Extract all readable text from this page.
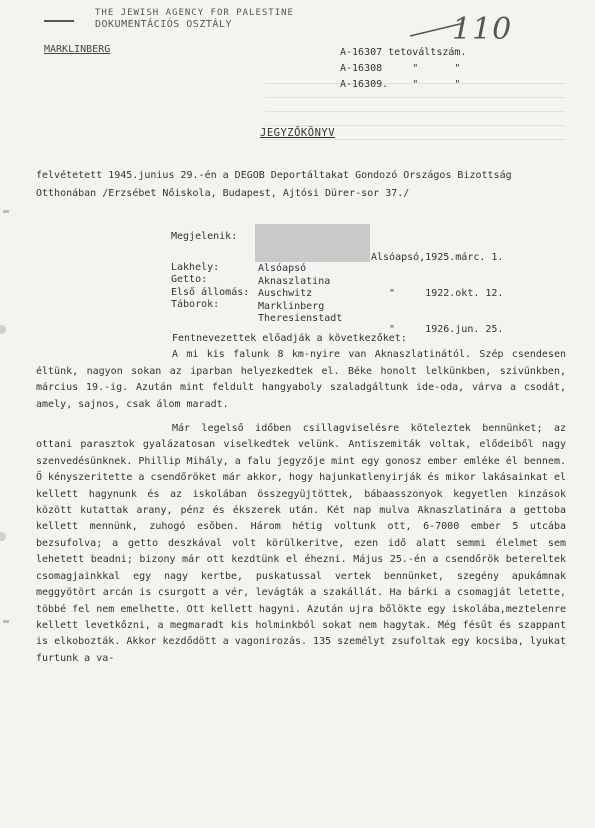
THE JEWISH AGENCY FOR PALESTINE
DOKUMENTÁCIÓS OSZTÁLY	110
MARKLINBERG	A-16307 tetováltszám.
A-16308     "      "
A-16309.    "      "
JEGYZŐKÖNYV

felvétetett 1945.junius 29.-én a DEGOB Deportáltakat Gondozó Országos Bizottság Otthonában /Erzsébet Nőiskola, Budapest, Ajtósi Dürer-sor 37./

Megjelenik:
Lakhely:
Getto:
Első állomás:
Táborok:

Alsóapsó,1925.márc. 1.

"     1922.okt. 12.

"     1926.jun. 25.

Alsóapsó
Aknaszlatina
Auschwitz
Marklinberg
Theresienstadt

Fentnevezettek előadják a következőket:

A mi kis falunk 8 km-nyire van Aknaszlatinától. Szép csendesen éltünk, nagyon sokan az iparban helyezkedtek el. Béke honolt lelkünkben, szivünkben, március 19.-ig. Azután mint feldult hangyaboly szaladgáltunk ide-oda, várva a csodát, amely, sajnos, csak álom maradt.

Már legelső időben csillagviselésre köteleztek bennünket; az ottani parasztok gyalázatosan viselkedtek velünk. Antiszemiták voltak, elődeiből nagy szenvedésünknek. Phillip Mihály, a falu jegyzője mint egy gonosz ember emléke él bennem. Ő kényszeritette a csendőröket már akkor, hogy hajunkatlenyirják és mikor lakásainkat el kellett hagynunk és az iskolában összegyüjtöttek, bábaasszonyok kegyetlen kinzások között kutattak arany, pénz és ékszerek után. Két nap mulva Aknaszlatinára a gettoba kellett mennünk, zuhogó esőben. Három hétig voltunk ott, 6-7000 ember 5 utcába bezsufolva; a getto deszkával volt körülkeritve, ezen idő alatt semmi élelmet sem lehetett beadni; bizony már ott kezdtünk el éhezni. Május 25.-én a csendőrök betereltek csomagjainkkal egy nagy kertbe, puskatussal vertek bennünket, szegény apukámnak meggyötört arcán is csurgott a vér, levágták a szakállát. Ha bárki a csomagját letette, többé fel nem emelhette. Ott kellett hagyni. Azután ujra bőlökte egy iskolába,meztelenre kellett levetkőzni, a megmaradt kis holminkból sokat nem hagytak. Még fésűt és szappant is elkobozták. Akkor kezdődött a vagonirozás. 135 személyt zsufoltak egy kocsiba, lyukat furtunk a va-
